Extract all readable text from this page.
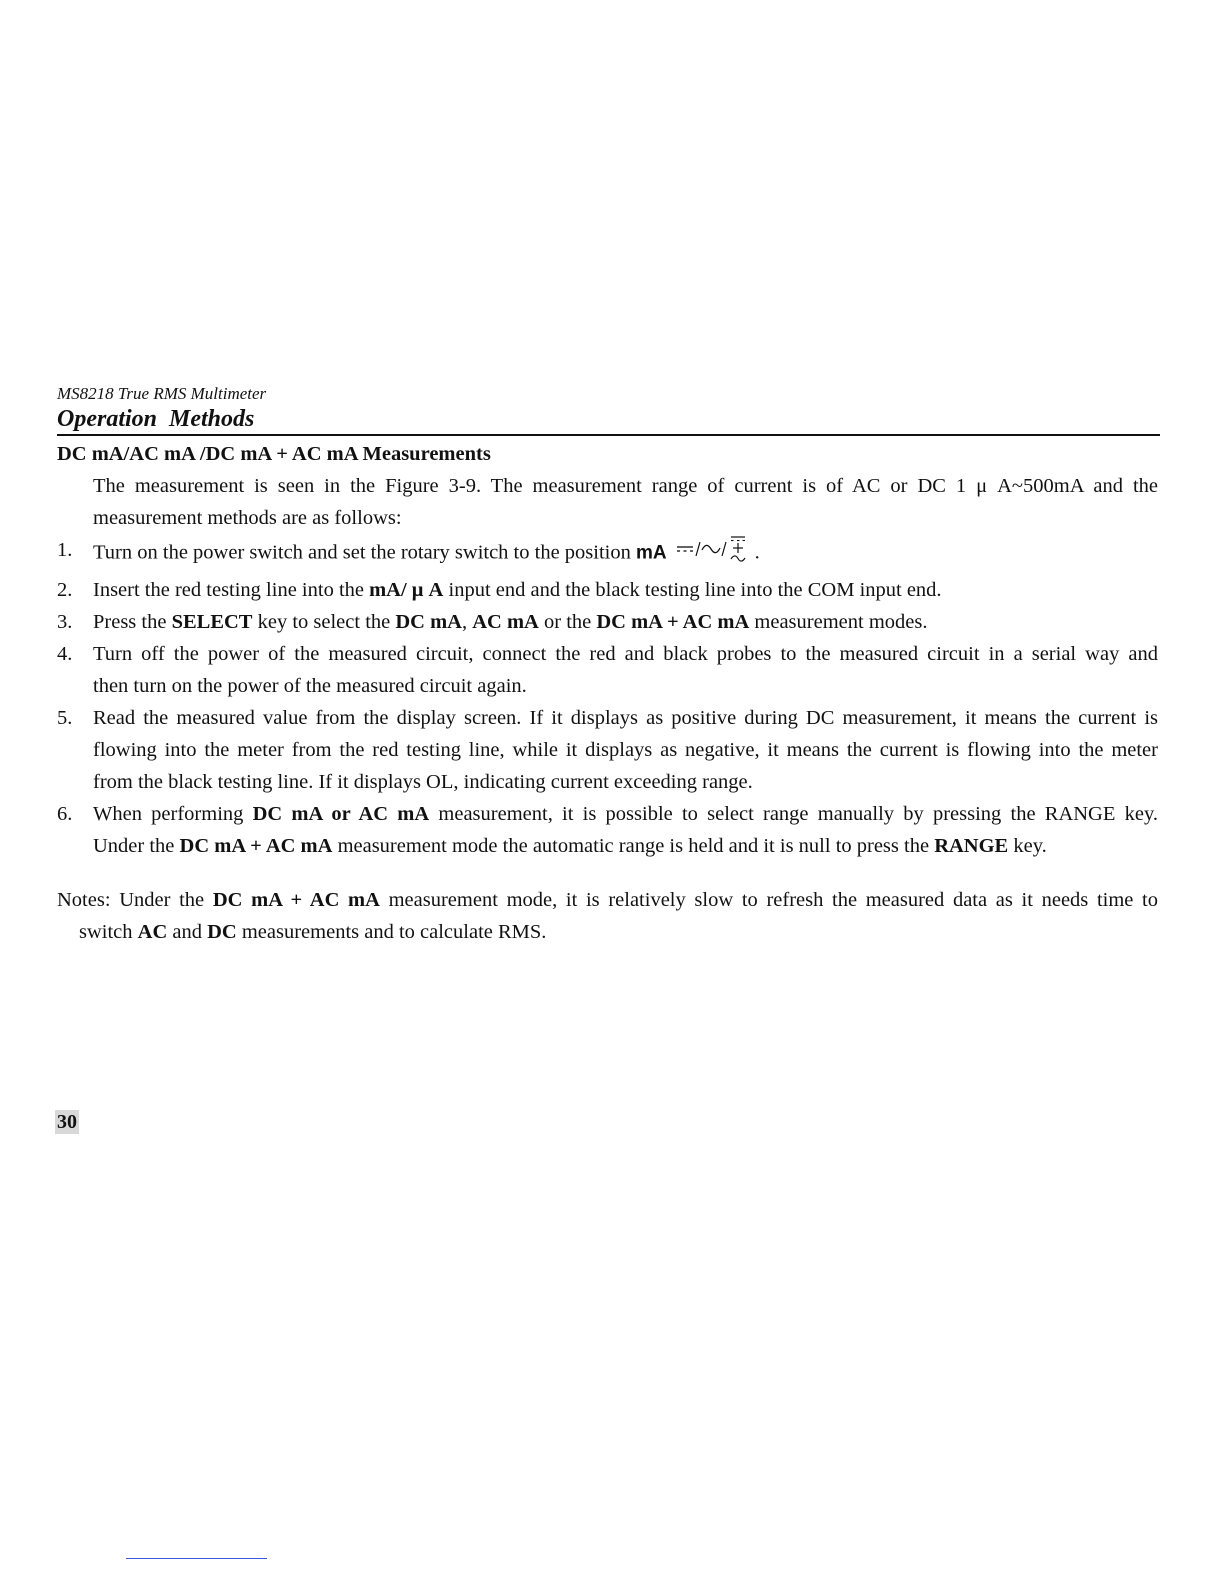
MS8218 True RMS Multimeter
Operation Methods
DC mA/AC mA /DC mA + AC mA Measurements
The measurement is seen in the Figure 3-9. The measurement range of current is of AC or DC 1 μ A~500mA and the
measurement methods are as follows:
1.	Turn on the power switch and set the rotary switch to the position mA	.
2.	Insert the red testing line into the mA/ μ A input end and the black testing line into the COM input end.
3.	Press the SELECT key to select the DC mA, AC mA or the DC mA + AC mA measurement modes.
4.	Turn off the power of the measured circuit, connect the red and black probes to the measured circuit in a serial way and
then turn on the power of the measured circuit again.
5.	Read the measured value from the display screen. If it displays as positive during DC measurement, it means the current is
flowing into the meter from the red testing line, while it displays as negative, it means the current is flowing into the meter
from the black testing line. If it displays OL, indicating current exceeding range.
6.	When performing DC mA or AC mA measurement, it is possible to select range manually by pressing the RANGE key.
Under the DC mA + AC mA measurement mode the automatic range is held and it is null to press the RANGE key.
Notes: Under the DC mA + AC mA measurement mode, it is relatively slow to refresh the measured data as it needs time to
switch AC and DC measurements and to calculate RMS.
30
